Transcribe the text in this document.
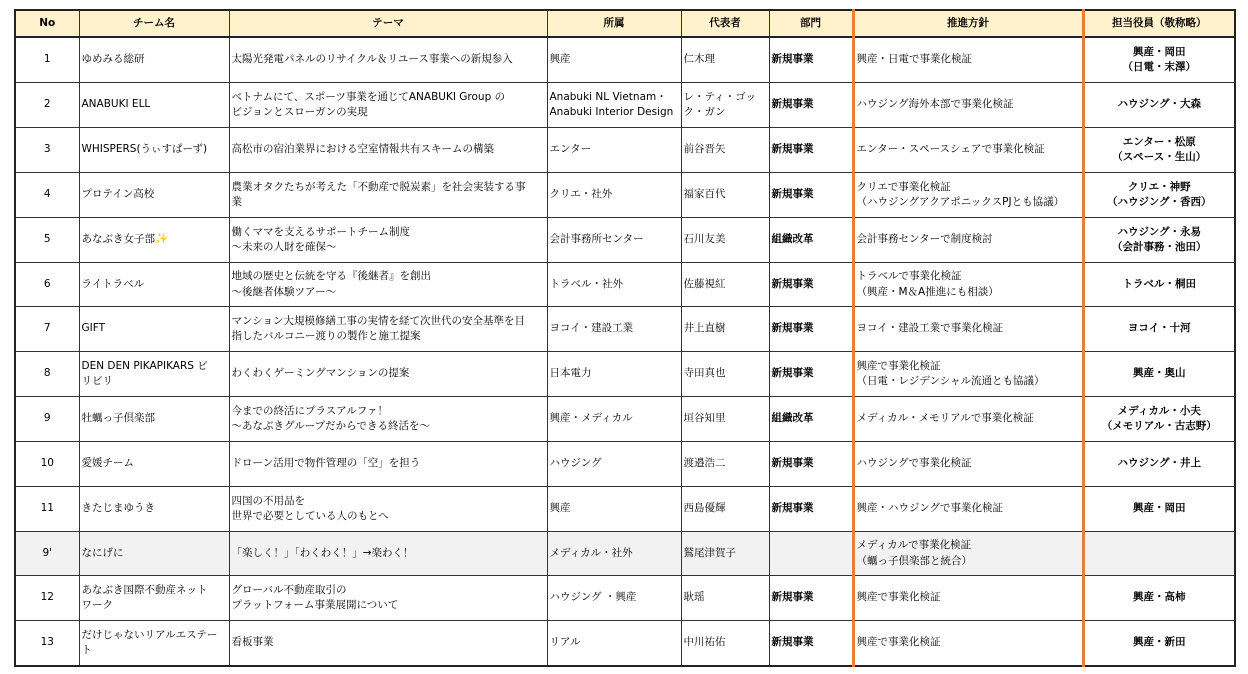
No	チーム名	テーマ	所属	代表者	部門	推進方針	担当役員（敬称略）
1	ゆめみる総研	太陽光発電パネルのリサイクル＆リユース事業への新規参入	興産	仁木理	新規事業	興産・日電で事業化検証	興産・岡田
（日電・末澤）

2	ANABUKI ELL	ベトナムにて、スポーツ事業を通じてANABUKI Group の
ビジョンとスローガンの実現	Anabuki NL Vietnam・
Anabuki Interior Design	レ・ティ・ゴッ
ク・ガン	新規事業	ハウジング海外本部で事業化検証	ハウジング・大森

3	WHISPERS(うぃすぱーず)	高松市の宿泊業界における空室情報共有スキームの構築	エンター	前谷晋矢	新規事業	エンター・スペースシェアで事業化検証	エンター・松原
（スペース・生山）

4	プロテイン高校	農業オタクたちが考えた「不動産で脱炭素」を社会実装する事
業	クリエ・社外	福家百代	新規事業	クリエで事業化検証
（ハウジングアクアポニックスPJとも協議）	クリエ・神野
（ハウジング・香西）

5	あなぶき女子部✨	働くママを支えるサポートチーム制度
～未来の人財を確保～	会計事務所センター	石川友美	組織改革	会計事務センターで制度検討	ハウジング・永易
（会計事務・池田）

6	ライトラベル	地域の歴史と伝統を守る『後継者』を創出
～後継者体験ツアー～	トラベル・社外	佐藤視紅	新規事業	トラベルで事業化検証
（興産・M＆A推進にも相談）	トラベル・桐田

7	GIFT	マンション大規模修繕工事の実情を経て次世代の安全基準を目
指したバルコニー渡りの製作と施工提案	ヨコイ・建設工業	井上直樹	新規事業	ヨコイ・建設工業で事業化検証	ヨコイ・十河

8	DEN DEN PIKAPIKARS ビ
リビリ	わくわくゲーミングマンションの提案	日本電力	寺田真也	新規事業	興産で事業化検証
（日電・レジデンシャル流通とも協議）	興産・奥山

9	牡蠣っ子倶楽部	今までの終活にプラスアルファ！
～あなぶきグループだからできる終活を～	興産・メディカル	垣谷知里	組織改革	メディカル・メモリアルで事業化検証	メディカル・小夫
（メモリアル・古志野）

10	愛媛チーム	ドローン活用で物件管理の「空」を担う	ハウジング	渡邉浩二	新規事業	ハウジングで事業化検証	ハウジング・井上

11	きたじまゆうき	四国の不用品を
世界で必要としている人のもとへ	興産	西島優輝	新規事業	興産・ハウジングで事業化検証	興産・岡田

9'	なにげに	「楽しく！」「わくわく！」→楽わく！	メディカル・社外	鷲尾津賀子		メディカルで事業化検証
（蠣っ子倶楽部と統合）	

12	あなぶき国際不動産ネット
ワーク	グローバル不動産取引の
プラットフォーム事業展開について	ハウジング ・興産	耿瑶	新規事業	興産で事業化検証	興産・高柿

13	だけじゃないリアルエステー
ト	看板事業	リアル	中川祐佑	新規事業	興産で事業化検証	興産・新田
